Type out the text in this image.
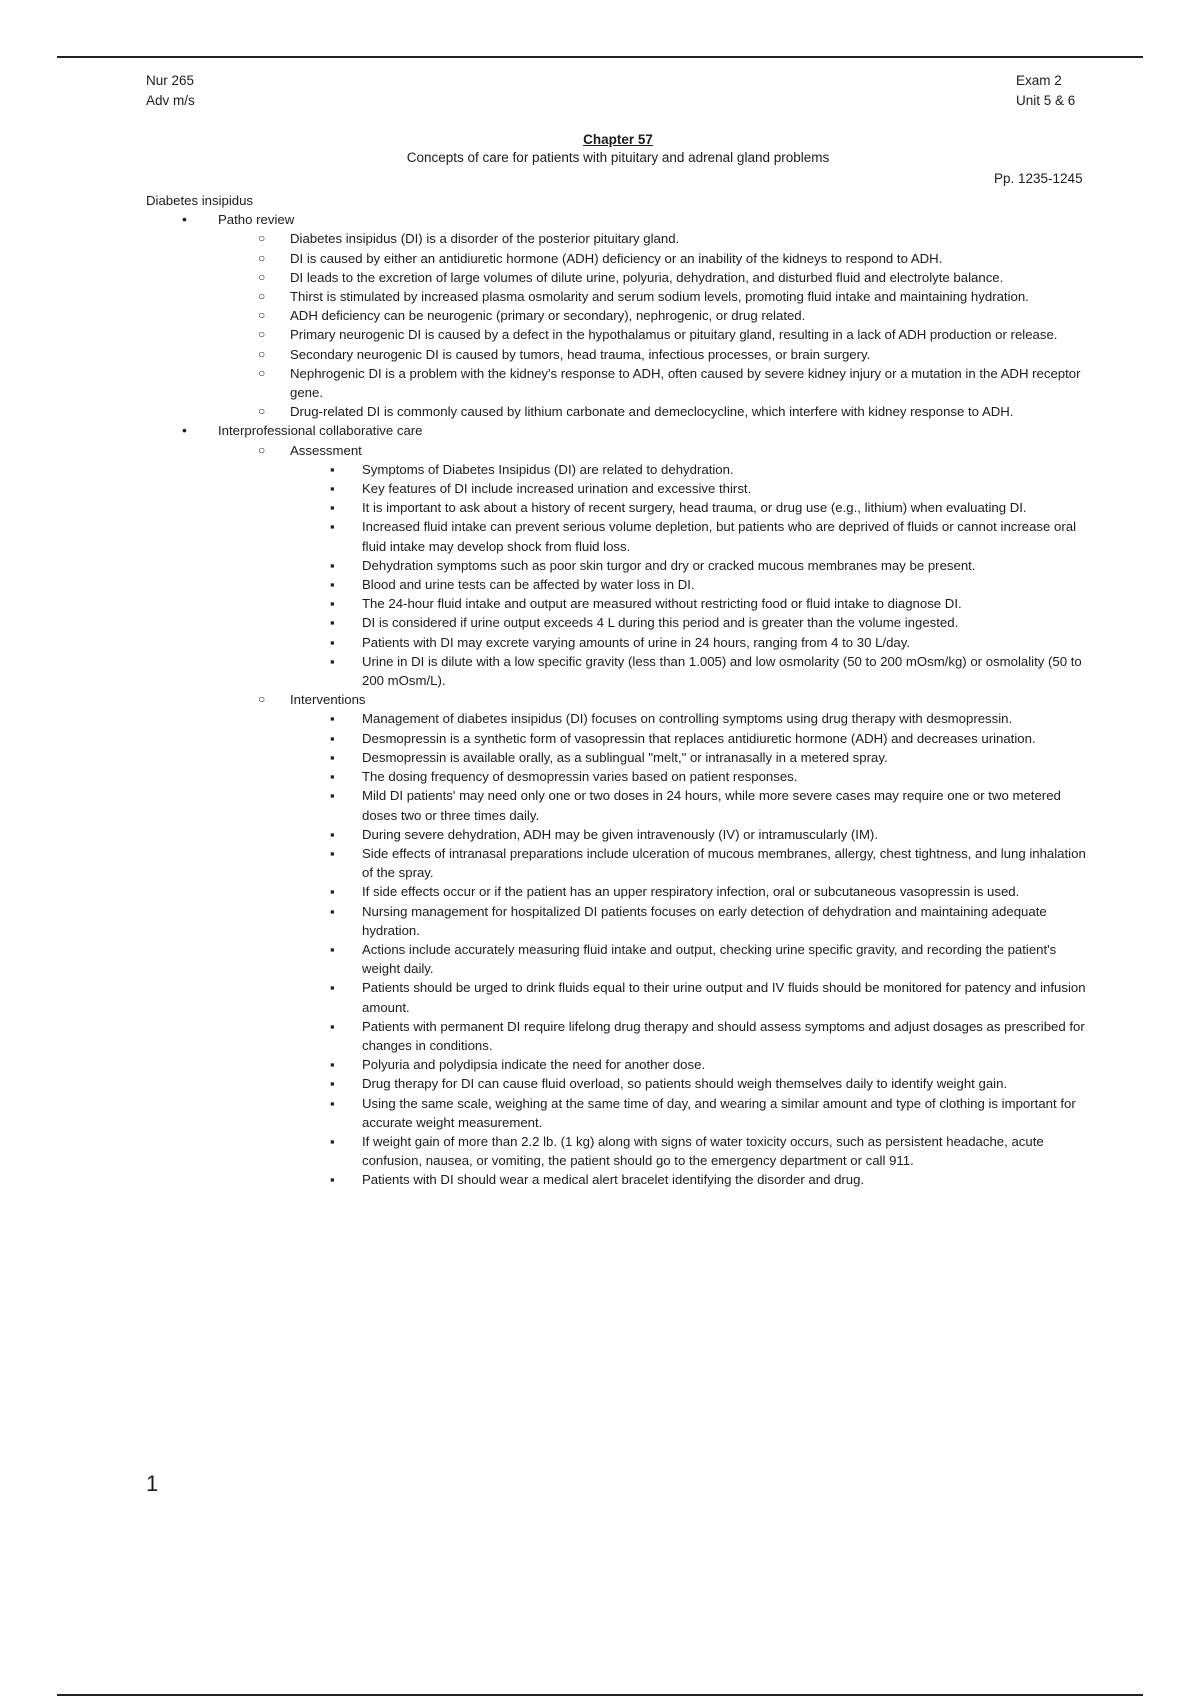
Nur 265
Adv m/s
Exam 2
Unit 5 & 6
Chapter 57
Concepts of care for patients with pituitary and adrenal gland problems
Pp. 1235-1245
Diabetes insipidus
• Patho review
○ Diabetes insipidus (DI) is a disorder of the posterior pituitary gland.
○ DI is caused by either an antidiuretic hormone (ADH) deficiency or an inability of the kidneys to respond to ADH.
○ DI leads to the excretion of large volumes of dilute urine, polyuria, dehydration, and disturbed fluid and electrolyte balance.
○ Thirst is stimulated by increased plasma osmolarity and serum sodium levels, promoting fluid intake and maintaining hydration.
○ ADH deficiency can be neurogenic (primary or secondary), nephrogenic, or drug related.
○ Primary neurogenic DI is caused by a defect in the hypothalamus or pituitary gland, resulting in a lack of ADH production or release.
○ Secondary neurogenic DI is caused by tumors, head trauma, infectious processes, or brain surgery.
○ Nephrogenic DI is a problem with the kidney's response to ADH, often caused by severe kidney injury or a mutation in the ADH receptor gene.
○ Drug-related DI is commonly caused by lithium carbonate and demeclocycline, which interfere with kidney response to ADH.
• Interprofessional collaborative care
○ Assessment
▪ Symptoms of Diabetes Insipidus (DI) are related to dehydration.
▪ Key features of DI include increased urination and excessive thirst.
▪ It is important to ask about a history of recent surgery, head trauma, or drug use (e.g., lithium) when evaluating DI.
▪ Increased fluid intake can prevent serious volume depletion, but patients who are deprived of fluids or cannot increase oral fluid intake may develop shock from fluid loss.
▪ Dehydration symptoms such as poor skin turgor and dry or cracked mucous membranes may be present.
▪ Blood and urine tests can be affected by water loss in DI.
▪ The 24-hour fluid intake and output are measured without restricting food or fluid intake to diagnose DI.
▪ DI is considered if urine output exceeds 4 L during this period and is greater than the volume ingested.
▪ Patients with DI may excrete varying amounts of urine in 24 hours, ranging from 4 to 30 L/day.
▪ Urine in DI is dilute with a low specific gravity (less than 1.005) and low osmolarity (50 to 200 mOsm/kg) or osmolality (50 to 200 mOsm/L).
○ Interventions
▪ Management of diabetes insipidus (DI) focuses on controlling symptoms using drug therapy with desmopressin.
▪ Desmopressin is a synthetic form of vasopressin that replaces antidiuretic hormone (ADH) and decreases urination.
▪ Desmopressin is available orally, as a sublingual "melt," or intranasally in a metered spray.
▪ The dosing frequency of desmopressin varies based on patient responses.
▪ Mild DI patients' may need only one or two doses in 24 hours, while more severe cases may require one or two metered doses two or three times daily.
▪ During severe dehydration, ADH may be given intravenously (IV) or intramuscularly (IM).
▪ Side effects of intranasal preparations include ulceration of mucous membranes, allergy, chest tightness, and lung inhalation of the spray.
▪ If side effects occur or if the patient has an upper respiratory infection, oral or subcutaneous vasopressin is used.
▪ Nursing management for hospitalized DI patients focuses on early detection of dehydration and maintaining adequate hydration.
▪ Actions include accurately measuring fluid intake and output, checking urine specific gravity, and recording the patient's weight daily.
▪ Patients should be urged to drink fluids equal to their urine output and IV fluids should be monitored for patency and infusion amount.
▪ Patients with permanent DI require lifelong drug therapy and should assess symptoms and adjust dosages as prescribed for changes in conditions.
▪ Polyuria and polydipsia indicate the need for another dose.
▪ Drug therapy for DI can cause fluid overload, so patients should weigh themselves daily to identify weight gain.
▪ Using the same scale, weighing at the same time of day, and wearing a similar amount and type of clothing is important for accurate weight measurement.
▪ If weight gain of more than 2.2 lb. (1 kg) along with signs of water toxicity occurs, such as persistent headache, acute confusion, nausea, or vomiting, the patient should go to the emergency department or call 911.
▪ Patients with DI should wear a medical alert bracelet identifying the disorder and drug.
1
